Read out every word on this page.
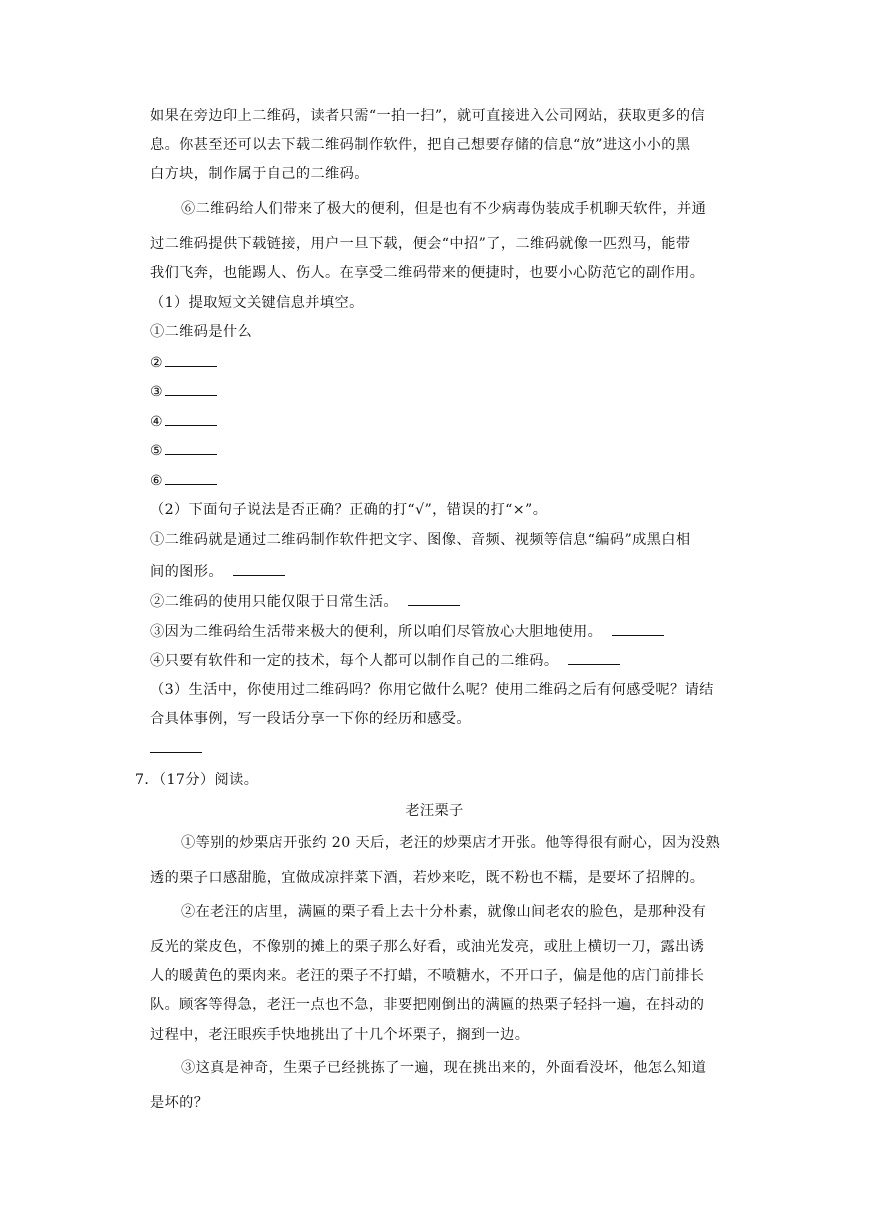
如果在旁边印上二维码，读者只需“一拍一扫”，就可直接进入公司网站，获取更多的信
息。你甚至还可以去下载二维码制作软件，把自己想要存储的信息“放”进这小小的黑
白方块，制作属于自己的二维码。
⑥二维码给人们带来了极大的便利，但是也有不少病毒伪装成手机聊天软件，并通
过二维码提供下载链接，用户一旦下载，便会“中招”了，二维码就像一匹烈马，能带
我们飞奔，也能踢人、伤人。在享受二维码带来的便捷时，也要小心防范它的副作用。
（1）提取短文关键信息并填空。
①二维码是什么
②
③
④
⑤
⑥
（2）下面句子说法是否正确？正确的打“√”，错误的打“×”。
①二维码就是通过二维码制作软件把文字、图像、音频、视频等信息“编码”成黑白相
间的图形。
②二维码的使用只能仅限于日常生活。
③因为二维码给生活带来极大的便利，所以咱们尽管放心大胆地使用。
④只要有软件和一定的技术，每个人都可以制作自己的二维码。
（3）生活中，你使用过二维码吗？你用它做什么呢？使用二维码之后有何感受呢？请结
合具体事例，写一段话分享一下你的经历和感受。
7．（17分）阅读。
老汪栗子
①等别的炒栗店开张约 20 天后，老汪的炒栗店才开张。他等得很有耐心，因为没熟
透的栗子口感甜脆，宜做成凉拌菜下酒，若炒来吃，既不粉也不糯，是要坏了招牌的。
②在老汪的店里，满匾的栗子看上去十分朴素，就像山间老农的脸色，是那种没有
反光的棠皮色，不像别的摊上的栗子那么好看，或油光发亮，或肚上横切一刀，露出诱
人的暖黄色的栗肉来。老汪的栗子不打蜡，不喷糖水，不开口子，偏是他的店门前排长
队。顾客等得急，老汪一点也不急，非要把刚倒出的满匾的热栗子轻抖一遍，在抖动的
过程中，老汪眼疾手快地挑出了十几个坏栗子，搁到一边。
③这真是神奇，生栗子已经挑拣了一遍，现在挑出来的，外面看没坏，他怎么知道
是坏的？
